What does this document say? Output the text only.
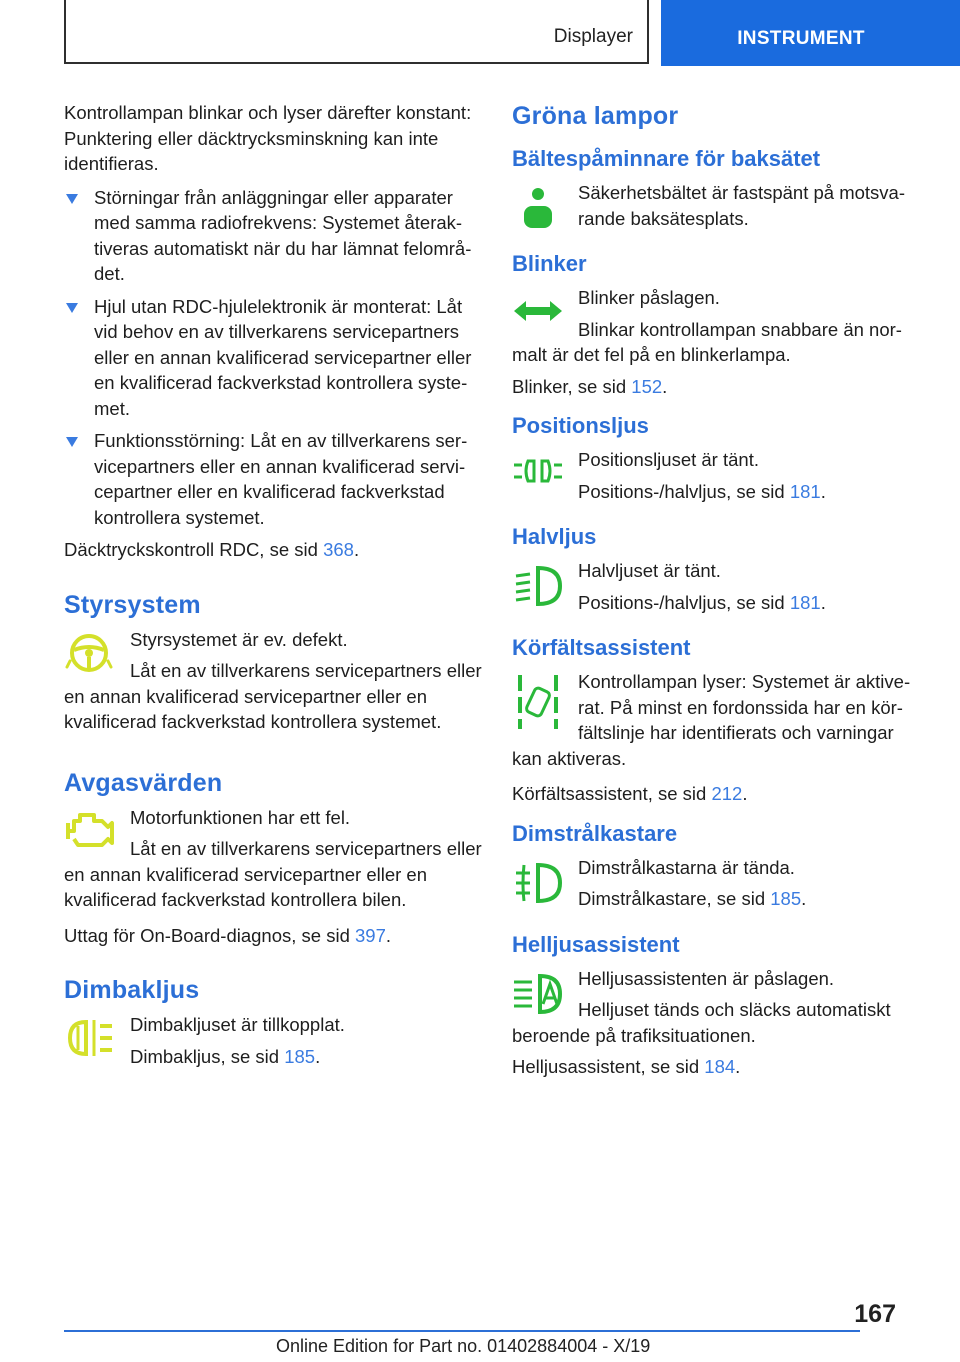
Displayer	INSTRUMENT

Kontrollampan blinkar och lyser därefter konstant: Punktering eller däcktrycksminskning kan inte identifieras.

Störningar från anläggningar eller apparater med samma radiofrekvens: Systemet återaktiveras automatiskt när du har lämnat felområdet.
Hjul utan RDC-hjulelektronik är monterat: Låt vid behov en av tillverkarens servicepartners eller en annan kvalificerad servicepartner eller en kvalificerad fackverkstad kontrollera systemet.
Funktionsstörning: Låt en av tillverkarens servicepartners eller en annan kvalificerad servicepartner eller en kvalificerad fackverkstad kontrollera systemet.

Däcktryckskontroll RDC, se sid 368.

Styrsystem

Styrsystemet är ev. defekt.

Låt en av tillverkarens servicepartners eller en annan kvalificerad servicepartner eller en kvalificerad fackverkstad kontrollera systemet.

Avgasvärden

Motorfunktionen har ett fel.

Låt en av tillverkarens servicepartners eller en annan kvalificerad servicepartner eller en kvalificerad fackverkstad kontrollera bilen.

Uttag för On-Board-diagnos, se sid 397.

Dimbakljus

Dimbakljuset är tillkopplat.

Dimbakljus, se sid 185.

Gröna lampor
Bältespåminnare för baksätet

Säkerhetsbältet är fastspänt på motsvarande baksätesplats.

Blinker

Blinker påslagen.

Blinkar kontrollampan snabbare än normalt är det fel på en blinkerlampa.

Blinker, se sid 152.

Positionsljus

Positionsljuset är tänt.

Positions-/halvljus, se sid 181.

Halvljus

Halvljuset är tänt.

Positions-/halvljus, se sid 181.

Körfältsassistent

Kontrollampan lyser: Systemet är aktiverat. På minst en fordonssida har en körfältslinje har identifierats och varningar kan aktiveras.

Körfältsassistent, se sid 212.

Dimstrålkastare

Dimstrålkastarna är tända.

Dimstrålkastare, se sid 185.

Helljusassistent

Helljusassistenten är påslagen.

Helljuset tänds och släcks automatiskt beroende på trafiksituationen.

Helljusassistent, se sid 184.

167
Online Edition for Part no. 01402884004 - X/19
